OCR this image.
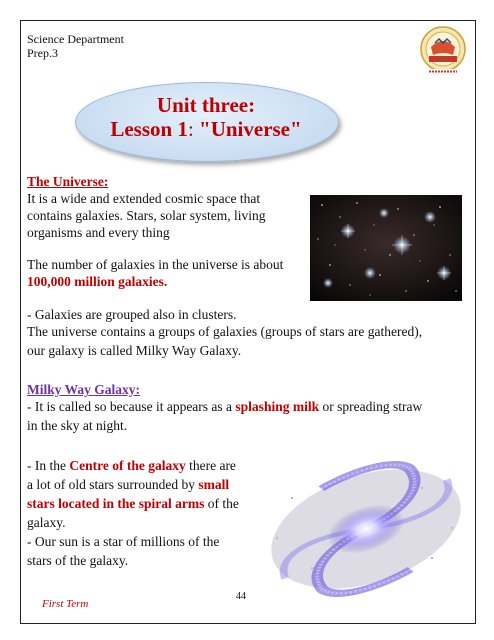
Science Department
Prep.3
Unit three:
Lesson 1: "Universe"

The Universe:

It is a wide and extended cosmic space that

contains galaxies. Stars, solar system, living

organisms and every thing

The number of galaxies in the universe is about

100,000 million galaxies.

- Galaxies are grouped also in clusters.

The universe contains a groups of galaxies (groups of stars are gathered),

our galaxy is called Milky Way Galaxy.

Milky Way Galaxy:

- It is called so because it appears as a splashing milk or spreading straw

in the sky at night.

- In the Centre of the galaxy there are

a lot of old stars surrounded by small

stars located in the spiral arms of the

galaxy.

- Our sun is a star of millions of the

stars of the galaxy.

First Term
44
